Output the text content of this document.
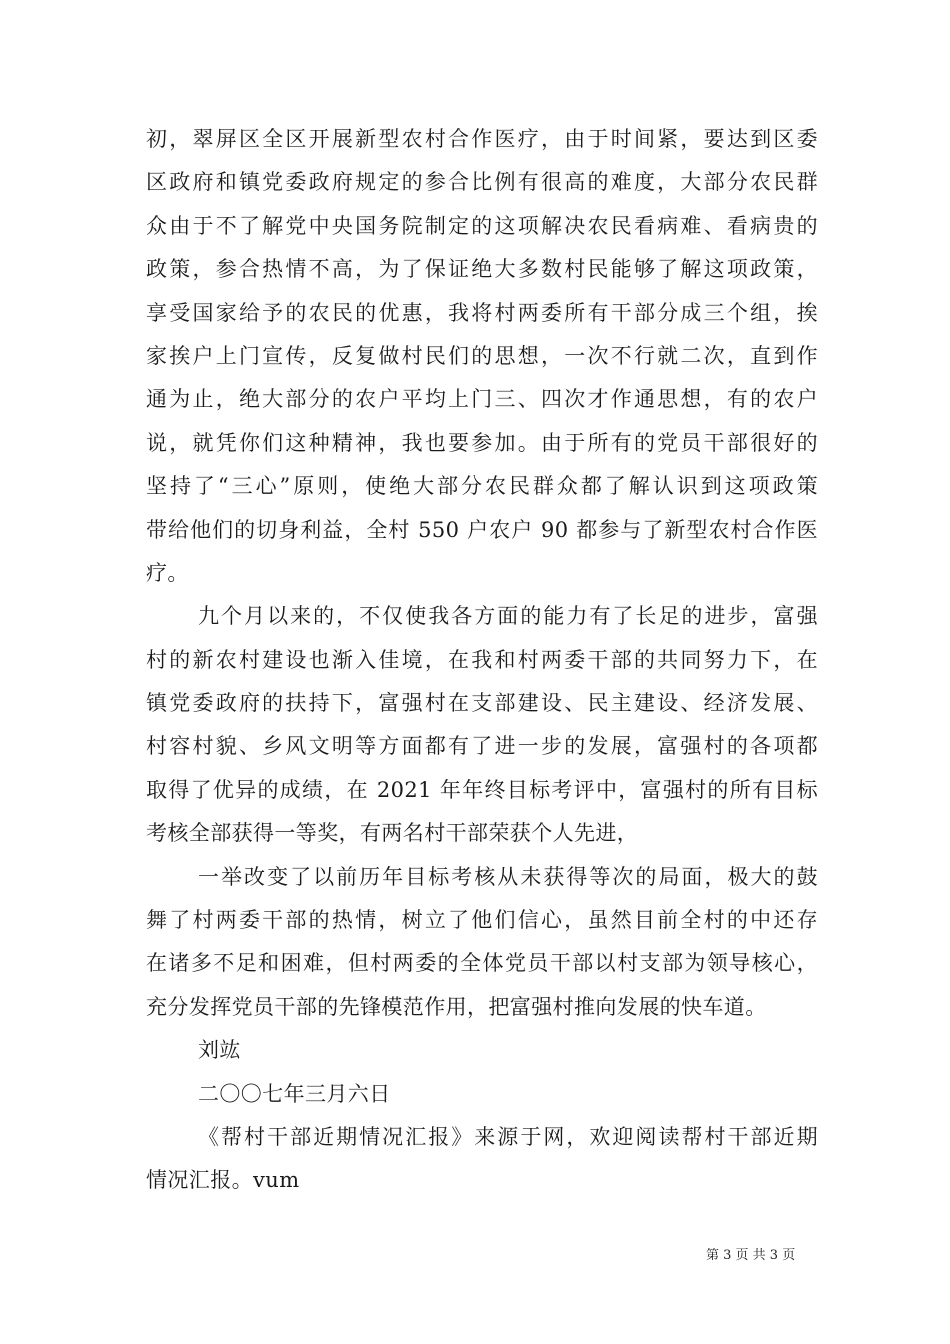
初，翠屏区全区开展新型农村合作医疗，由于时间紧，要达到区委
区政府和镇党委政府规定的参合比例有很高的难度，大部分农民群
众由于不了解党中央国务院制定的这项解决农民看病难、看病贵的
政策，参合热情不高，为了保证绝大多数村民能够了解这项政策，
享受国家给予的农民的优惠，我将村两委所有干部分成三个组，挨
家挨户上门宣传，反复做村民们的思想，一次不行就二次，直到作
通为止，绝大部分的农户平均上门三、四次才作通思想，有的农户
说，就凭你们这种精神，我也要参加。由于所有的党员干部很好的
坚持了“三心”原则，使绝大部分农民群众都了解认识到这项政策
带给他们的切身利益，全村 550 户农户 90 都参与了新型农村合作医
疗。
九个月以来的，不仅使我各方面的能力有了长足的进步，富强
村的新农村建设也渐入佳境，在我和村两委干部的共同努力下，在
镇党委政府的扶持下，富强村在支部建设、民主建设、经济发展、
村容村貌、乡风文明等方面都有了进一步的发展，富强村的各项都
取得了优异的成绩，在 2021 年年终目标考评中，富强村的所有目标
考核全部获得一等奖，有两名村干部荣获个人先进，
一举改变了以前历年目标考核从未获得等次的局面，极大的鼓
舞了村两委干部的热情，树立了他们信心，虽然目前全村的中还存
在诸多不足和困难，但村两委的全体党员干部以村支部为领导核心，
充分发挥党员干部的先锋模范作用，把富强村推向发展的快车道。
刘竑
二〇〇七年三月六日
《帮村干部近期情况汇报》来源于网，欢迎阅读帮村干部近期
情况汇报。vum
第 3 页 共 3 页
